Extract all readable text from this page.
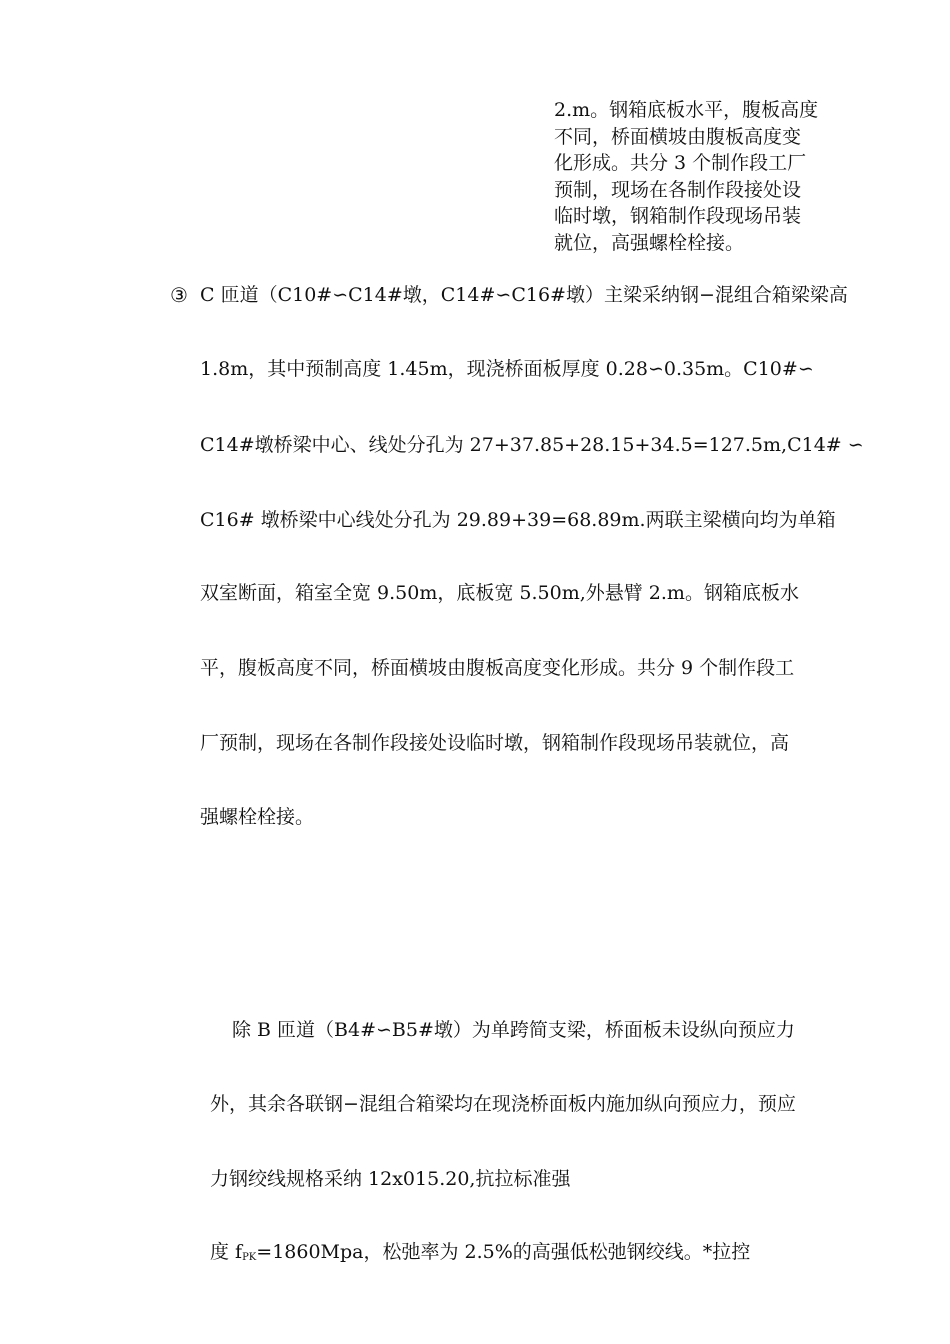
2.m。钢箱底板水平，腹板高度
不同，桥面横坡由腹板高度变
化形成。共分 3 个制作段工厂
预制，现场在各制作段接处设
临时墩，钢箱制作段现场吊装
就位，高强螺栓栓接。
③ C 匝道（C10#∽C14#墩，C14#∽C16#墩）主梁采纳钢−混组合箱梁梁高
1.8m，其中预制高度 1.45m，现浇桥面板厚度 0.28∽0.35m。C10#∽
C14#墩桥梁中心、线处分孔为 27+37.85+28.15+34.5=127.5m,C14# ∽
C16# 墩桥梁中心线处分孔为 29.89+39=68.89m.两联主梁横向均为单箱
双室断面，箱室全宽 9.50m，底板宽 5.50m,外悬臂 2.m。钢箱底板水
平，腹板高度不同，桥面横坡由腹板高度变化形成。共分 9 个制作段工
厂预制，现场在各制作段接处设临时墩，钢箱制作段现场吊装就位，高
强螺栓栓接。
除 B 匝道（B4#∽B5#墩）为单跨简支梁，桥面板未设纵向预应力
外，其余各联钢−混组合箱梁均在现浇桥面板内施加纵向预应力，预应
力钢绞线规格采纳 12x015.20,抗拉标准强
度 $f_{PK}=1860Mpa$，松弛率为 2.5%的高强低松弛钢绞线。*拉控
